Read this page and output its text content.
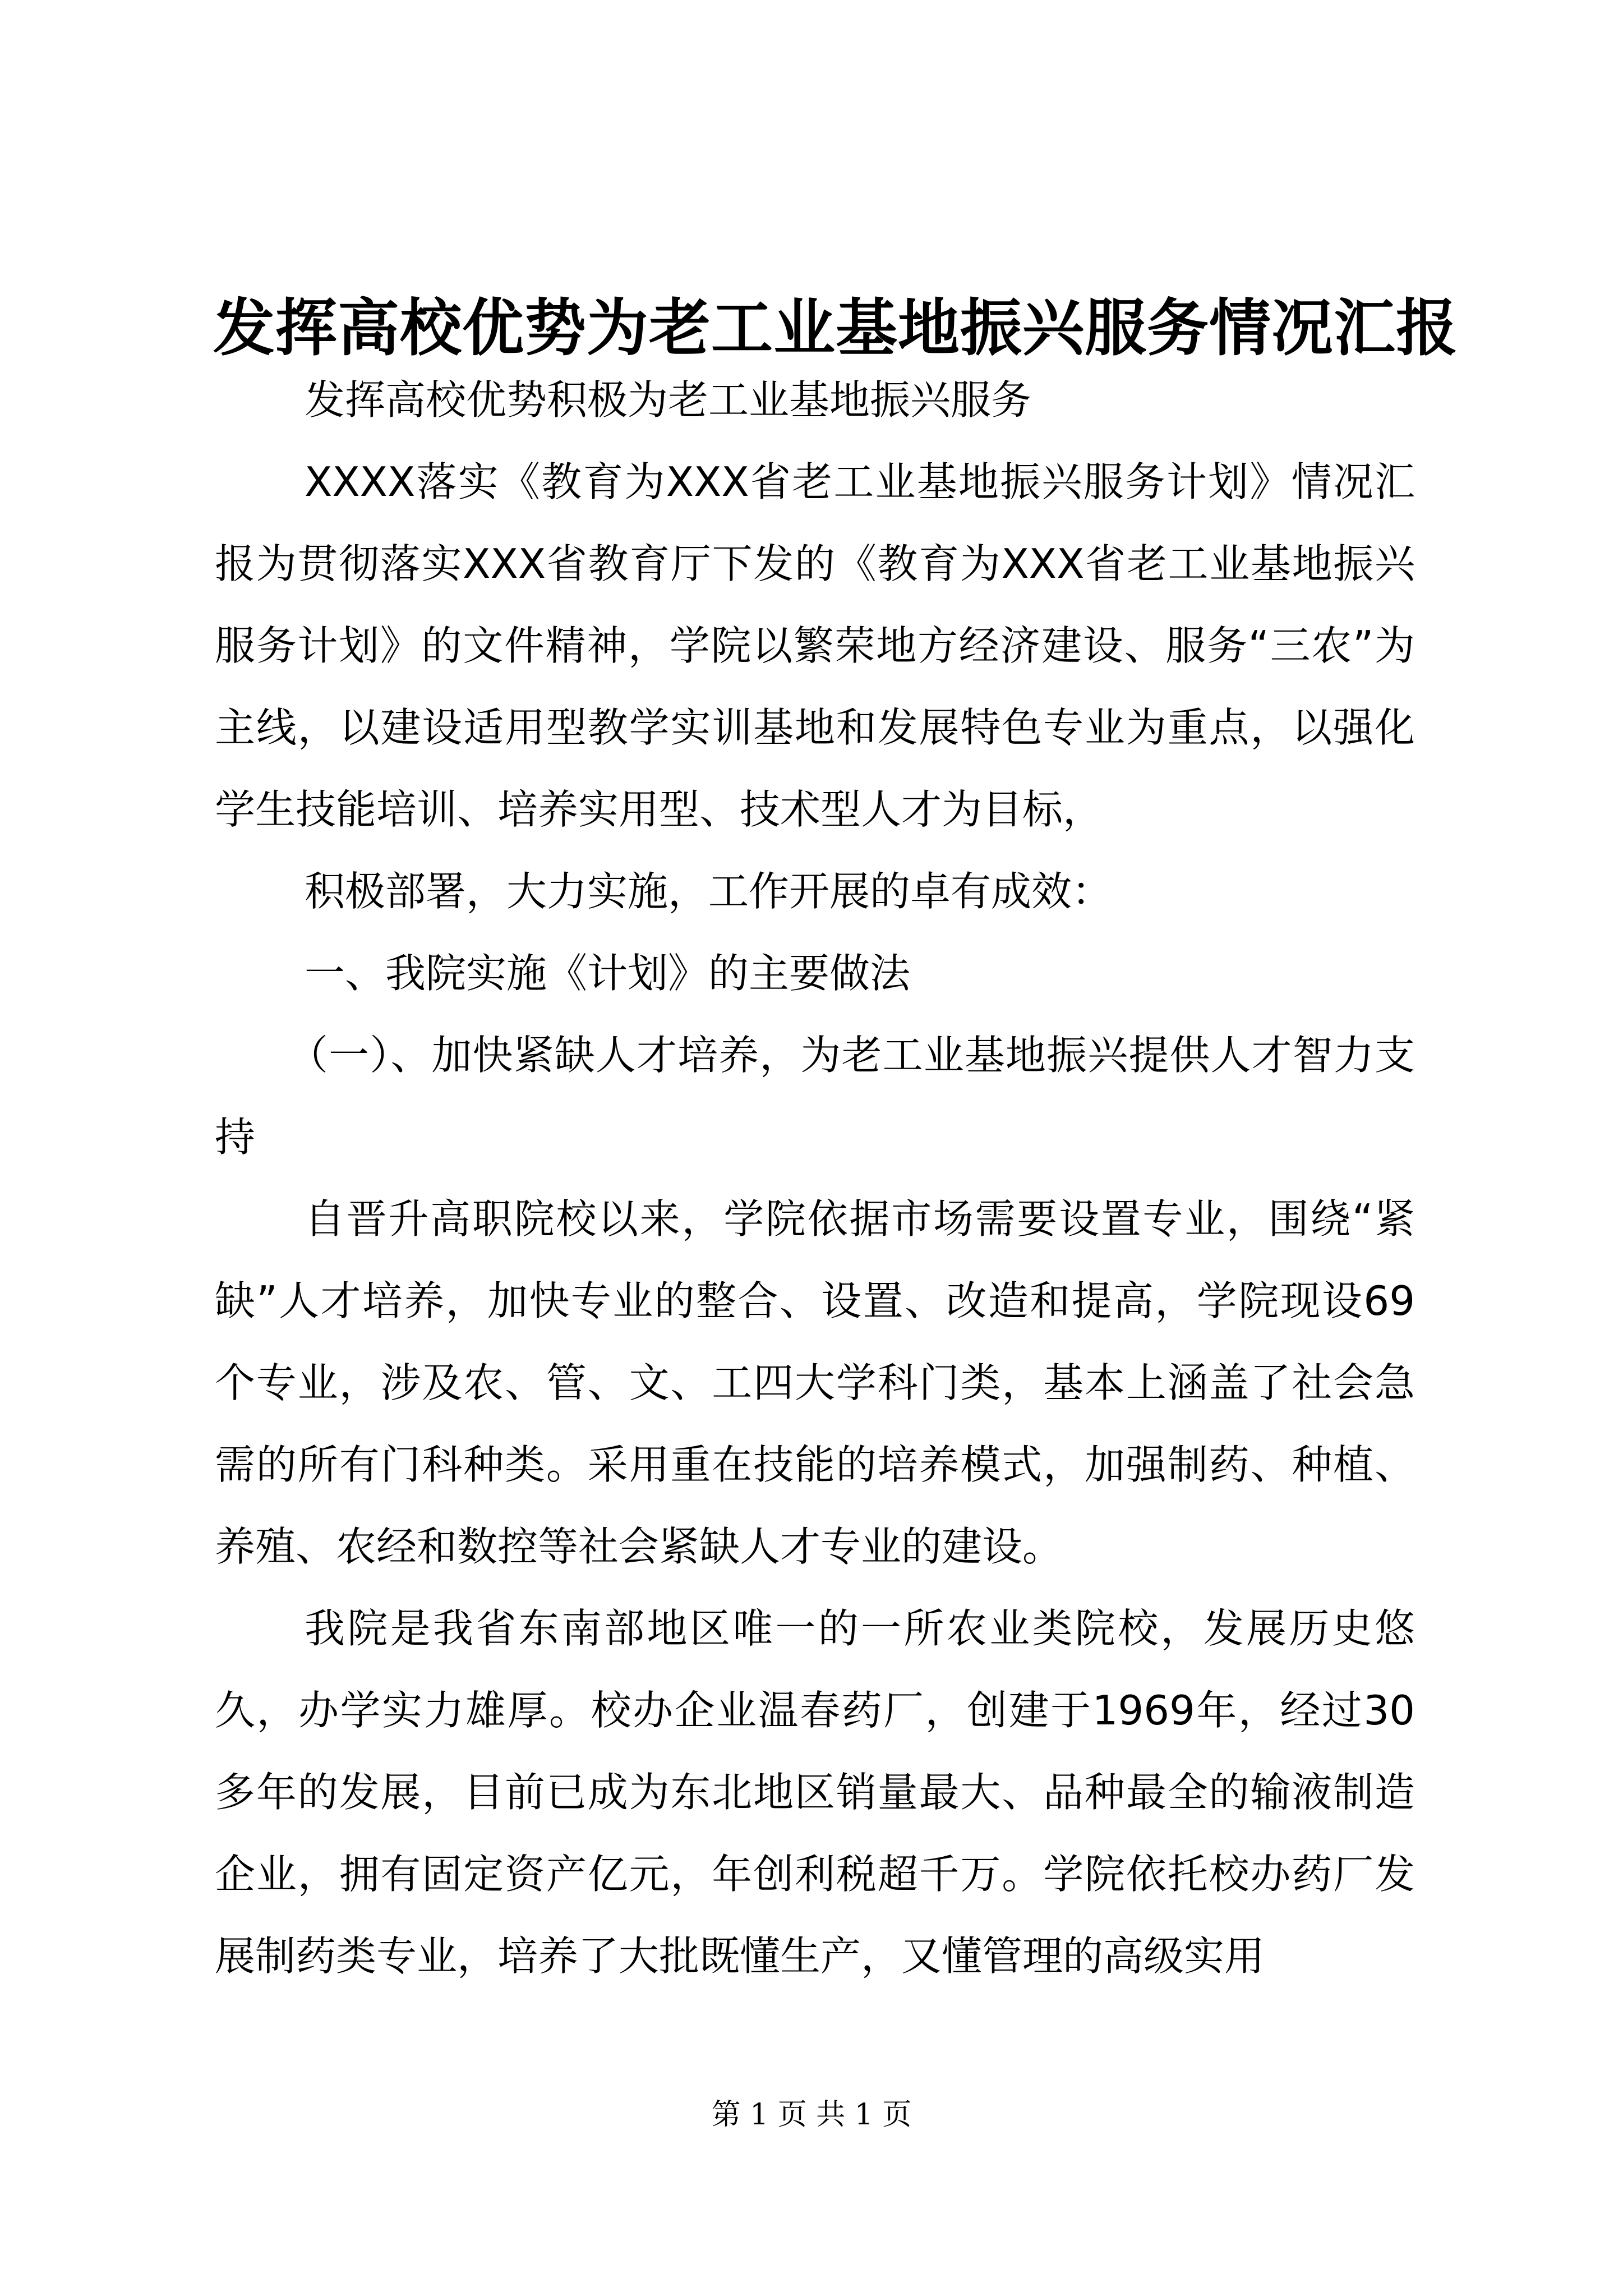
发挥高校优势为老工业基地振兴服务情况汇报

发挥高校优势积极为老工业基地振兴服务

XXXX落实《教育为XXX省老工业基地振兴服务计划》情况汇报为贯彻落实XXX省教育厅下发的《教育为XXX省老工业基地振兴服务计划》的文件精神，学院以繁荣地方经济建设、服务“三农”为主线，以建设适用型教学实训基地和发展特色专业为重点，以强化学生技能培训、培养实用型、技术型人才为目标，

积极部署，大力实施，工作开展的卓有成效：

一、我院实施《计划》的主要做法

（一）、加快紧缺人才培养，为老工业基地振兴提供人才智力支持

自晋升高职院校以来，学院依据市场需要设置专业，围绕“紧缺”人才培养，加快专业的整合、设置、改造和提高，学院现设69个专业，涉及农、管、文、工四大学科门类，基本上涵盖了社会急需的所有门科种类。采用重在技能的培养模式，加强制药、种植、养殖、农经和数控等社会紧缺人才专业的建设。

我院是我省东南部地区唯一的一所农业类院校，发展历史悠久，办学实力雄厚。校办企业温春药厂，创建于1969年，经过30多年的发展，目前已成为东北地区销量最大、品种最全的输液制造企业，拥有固定资产亿元，年创利税超千万。学院依托校办药厂发展制药类专业，培养了大批既懂生产，又懂管理的高级实用

第 1 页 共 1 页
